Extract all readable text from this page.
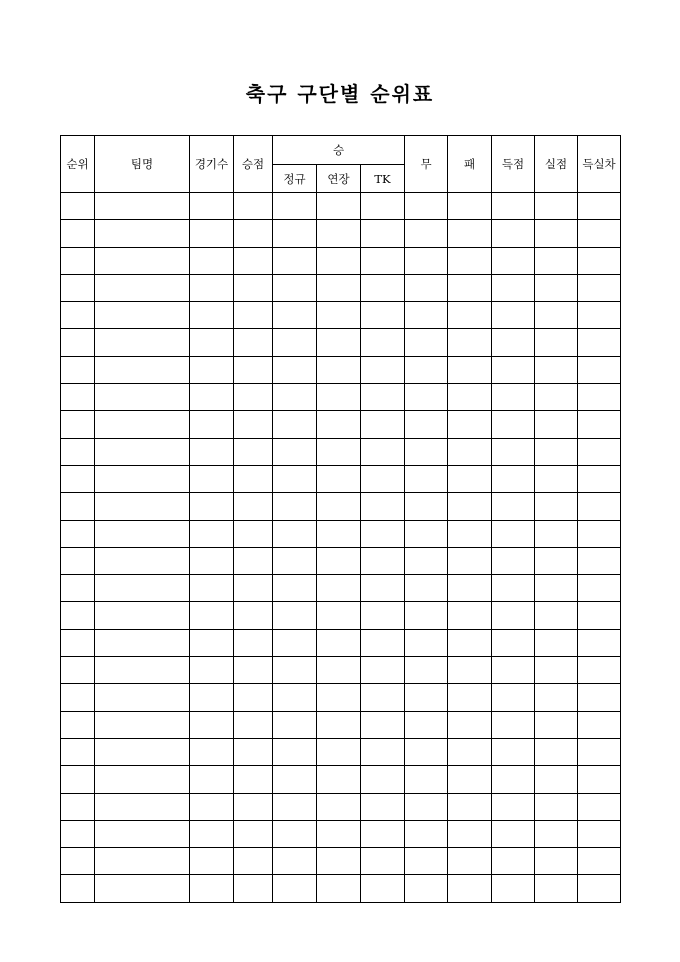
축구 구단별 순위표
순위	팀명	경기수	승점	승			무	패	득점	실점	득실차
				정규	연장	TK					
